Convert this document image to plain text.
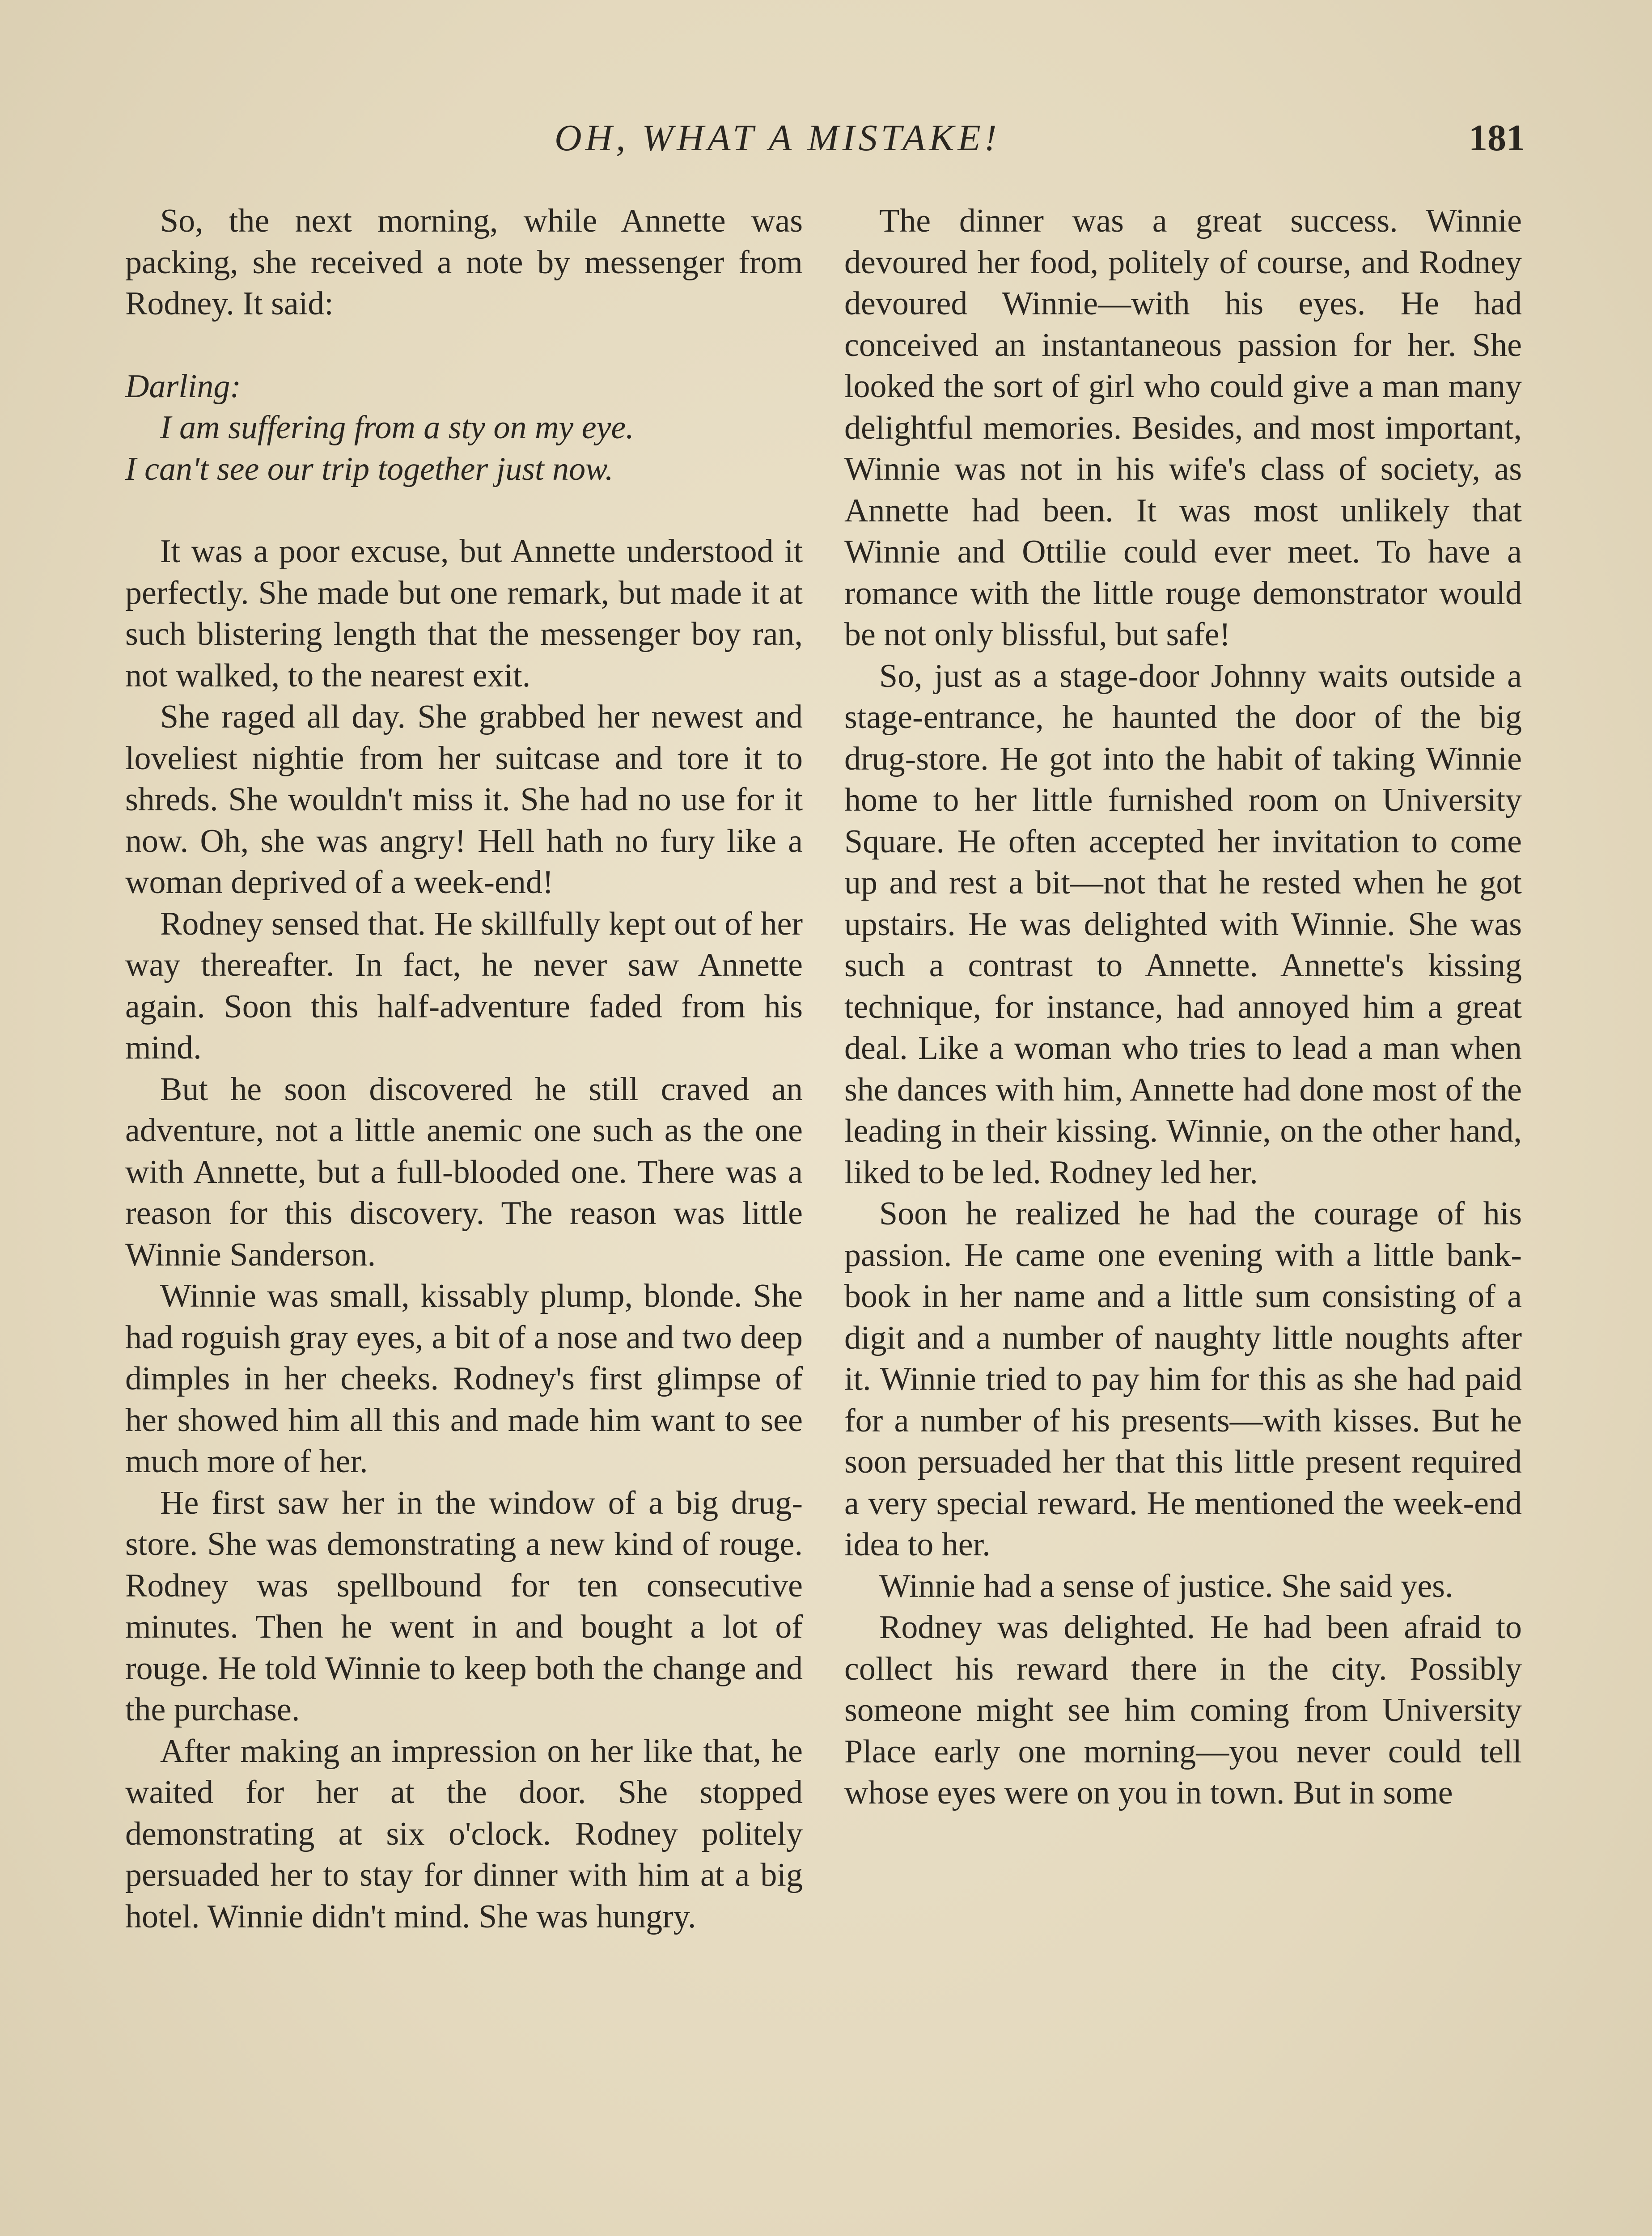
OH, WHAT A MISTAKE!	181

So, the next morning, while Annette was packing, she received a note by messenger from Rodney. It said:

Darling:

I am suffering from a sty on my eye.

I can't see our trip together just now.

It was a poor excuse, but Annette understood it perfectly. She made but one remark, but made it at such blistering length that the messenger boy ran, not walked, to the nearest exit.

She raged all day. She grabbed her newest and loveliest nightie from her suitcase and tore it to shreds. She wouldn't miss it. She had no use for it now. Oh, she was angry! Hell hath no fury like a woman deprived of a week-end!

Rodney sensed that. He skillfully kept out of her way thereafter. In fact, he never saw Annette again. Soon this half-adventure faded from his mind.

But he soon discovered he still craved an adventure, not a little anemic one such as the one with Annette, but a full-blooded one. There was a reason for this discovery. The reason was little Winnie Sanderson.

Winnie was small, kissably plump, blonde. She had roguish gray eyes, a bit of a nose and two deep dimples in her cheeks. Rodney's first glimpse of her showed him all this and made him want to see much more of her.

He first saw her in the window of a big drug-store. She was demonstrating a new kind of rouge. Rodney was spellbound for ten consecutive minutes. Then he went in and bought a lot of rouge. He told Winnie to keep both the change and the purchase.

After making an impression on her like that, he waited for her at the door. She stopped demonstrating at six o'clock. Rodney politely persuaded her to stay for dinner with him at a big hotel. Winnie didn't mind. She was hungry.

The dinner was a great success. Winnie devoured her food, politely of course, and Rodney devoured Winnie—with his eyes. He had conceived an instantaneous passion for her. She looked the sort of girl who could give a man many delightful memories. Besides, and most important, Winnie was not in his wife's class of society, as Annette had been. It was most unlikely that Winnie and Ottilie could ever meet. To have a romance with the little rouge demonstrator would be not only blissful, but safe!

So, just as a stage-door Johnny waits outside a stage-entrance, he haunted the door of the big drug-store. He got into the habit of taking Winnie home to her little furnished room on University Square. He often accepted her invitation to come up and rest a bit—not that he rested when he got upstairs. He was delighted with Winnie. She was such a contrast to Annette. Annette's kissing technique, for instance, had annoyed him a great deal. Like a woman who tries to lead a man when she dances with him, Annette had done most of the leading in their kissing. Winnie, on the other hand, liked to be led. Rodney led her.

Soon he realized he had the courage of his passion. He came one evening with a little bank-book in her name and a little sum consisting of a digit and a number of naughty little noughts after it. Winnie tried to pay him for this as she had paid for a number of his presents—with kisses. But he soon persuaded her that this little present required a very special reward. He mentioned the week-end idea to her.

Winnie had a sense of justice. She said yes.

Rodney was delighted. He had been afraid to collect his reward there in the city. Possibly someone might see him coming from University Place early one morning—you never could tell whose eyes were on you in town. But in some
